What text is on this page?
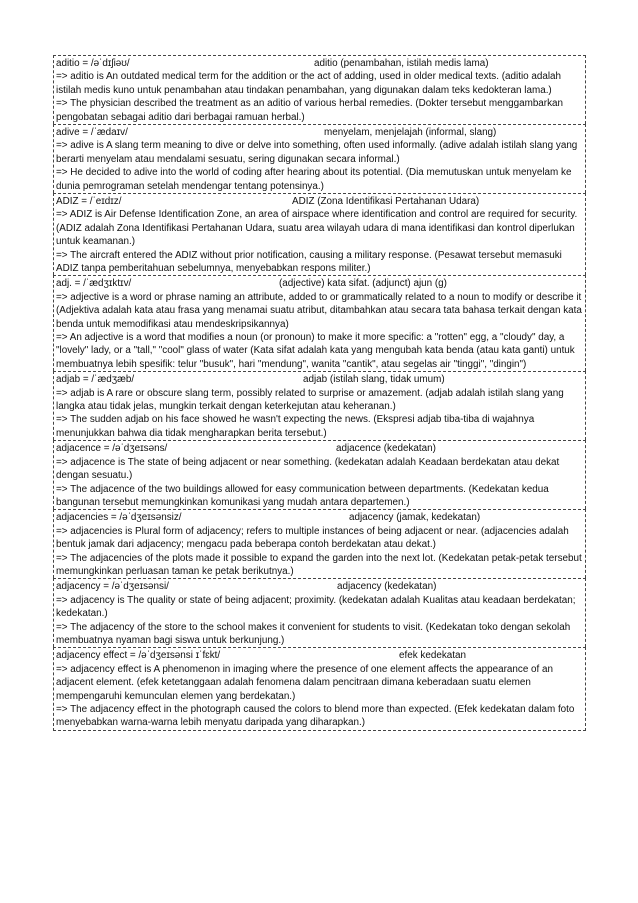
aditio = /əˈdɪʃiəʊ/	aditio (penambahan, istilah medis lama)
=> aditio is An outdated medical term for the addition or the act of adding, used in older medical texts. (aditio adalah istilah medis kuno untuk penambahan atau tindakan penambahan, yang digunakan dalam teks kedokteran lama.)
=> The physician described the treatment as an aditio of various herbal remedies. (Dokter tersebut menggambarkan pengobatan sebagai aditio dari berbagai ramuan herbal.)
adive = /ˈædaɪv/	menyelam, menjelajah (informal, slang)
=> adive is A slang term meaning to dive or delve into something, often used informally. (adive adalah istilah slang yang berarti menyelam atau mendalami sesuatu, sering digunakan secara informal.)
=> He decided to adive into the world of coding after hearing about its potential. (Dia memutuskan untuk menyelam ke dunia pemrograman setelah mendengar tentang potensinya.)
ADIZ = /ˈeɪdɪz/	ADIZ (Zona Identifikasi Pertahanan Udara)
=> ADIZ is Air Defense Identification Zone, an area of airspace where identification and control are required for security. (ADIZ adalah Zona Identifikasi Pertahanan Udara, suatu area wilayah udara di mana identifikasi dan kontrol diperlukan untuk keamanan.)
=> The aircraft entered the ADIZ without prior notification, causing a military response. (Pesawat tersebut memasuki ADIZ tanpa pemberitahuan sebelumnya, menyebabkan respons militer.)
adj. = /ˈædʒɪktɪv/	(adjective) kata sifat. (adjunct) ajun (g)
=> adjective is a word or phrase naming an attribute, added to or grammatically related to a noun to modify or describe it (Adjektiva adalah kata atau frasa yang menamai suatu atribut, ditambahkan atau secara tata bahasa terkait dengan kata benda untuk memodifikasi atau mendeskripsikannya)
=> An adjective is a word that modifies a noun (or pronoun) to make it more specific: a "rotten" egg, a "cloudy" day, a "lovely" lady, or a "tall," "cool" glass of water (Kata sifat adalah kata yang mengubah kata benda (atau kata ganti) untuk membuatnya lebih spesifik: telur "busuk", hari "mendung", wanita "cantik", atau segelas air "tinggi", "dingin")
adjab = /ˈædʒæb/	adjab (istilah slang, tidak umum)
=> adjab is A rare or obscure slang term, possibly related to surprise or amazement. (adjab adalah istilah slang yang langka atau tidak jelas, mungkin terkait dengan keterkejutan atau keheranan.)
=> The sudden adjab on his face showed he wasn't expecting the news. (Ekspresi adjab tiba-tiba di wajahnya menunjukkan bahwa dia tidak mengharapkan berita tersebut.)
adjacence = /əˈdʒeɪsəns/	adjacence (kedekatan)
=> adjacence is The state of being adjacent or near something. (kedekatan adalah Keadaan berdekatan atau dekat dengan sesuatu.)
=> The adjacence of the two buildings allowed for easy communication between departments. (Kedekatan kedua bangunan tersebut memungkinkan komunikasi yang mudah antara departemen.)
adjacencies = /əˈdʒeɪsənsiz/	adjacency (jamak, kedekatan)
=> adjacencies is Plural form of adjacency; refers to multiple instances of being adjacent or near. (adjacencies adalah bentuk jamak dari adjacency; mengacu pada beberapa contoh berdekatan atau dekat.)
=> The adjacencies of the plots made it possible to expand the garden into the next lot. (Kedekatan petak-petak tersebut memungkinkan perluasan taman ke petak berikutnya.)
adjacency = /əˈdʒeɪsənsi/	adjacency (kedekatan)
=> adjacency is The quality or state of being adjacent; proximity. (kedekatan adalah Kualitas atau keadaan berdekatan; kedekatan.)
=> The adjacency of the store to the school makes it convenient for students to visit. (Kedekatan toko dengan sekolah membuatnya nyaman bagi siswa untuk berkunjung.)
adjacency effect = /əˈdʒeɪsənsi ɪˈfɛkt/	efek kedekatan
=> adjacency effect is A phenomenon in imaging where the presence of one element affects the appearance of an adjacent element. (efek ketetanggaan adalah fenomena dalam pencitraan dimana keberadaan suatu elemen mempengaruhi kemunculan elemen yang berdekatan.)
=> The adjacency effect in the photograph caused the colors to blend more than expected. (Efek kedekatan dalam foto menyebabkan warna-warna lebih menyatu daripada yang diharapkan.)
